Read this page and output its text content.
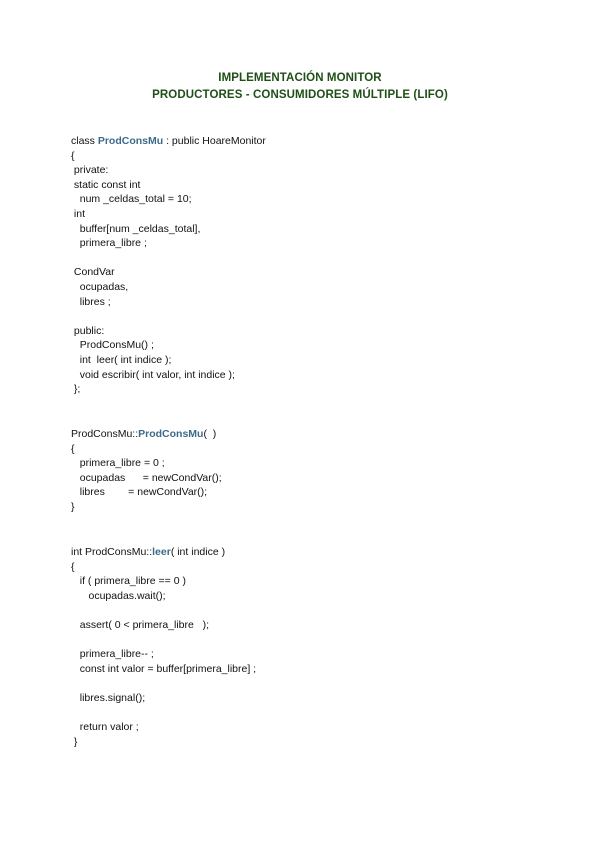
IMPLEMENTACIÓN MONITOR
PRODUCTORES - CONSUMIDORES MÚLTIPLE (LIFO)
class ProdConsMu : public HoareMonitor
{
private:
static const int
num _celdas_total = 10;
int
buffer[num _celdas_total],
primera_libre ;
CondVar
ocupadas,
libres ;
public:
ProdConsMu() ;
int  leer( int indice );
void escribir( int valor, int indice );
};
ProdConsMu::ProdConsMu(  )
{
primera_libre = 0 ;
ocupadas      = newCondVar();
libres        = newCondVar();
}
int ProdConsMu::leer( int indice )
{
if ( primera_libre == 0 )
ocupadas.wait();
assert( 0 < primera_libre   );
primera_libre-- ;
const int valor = buffer[primera_libre] ;
libres.signal();
return valor ;
}
